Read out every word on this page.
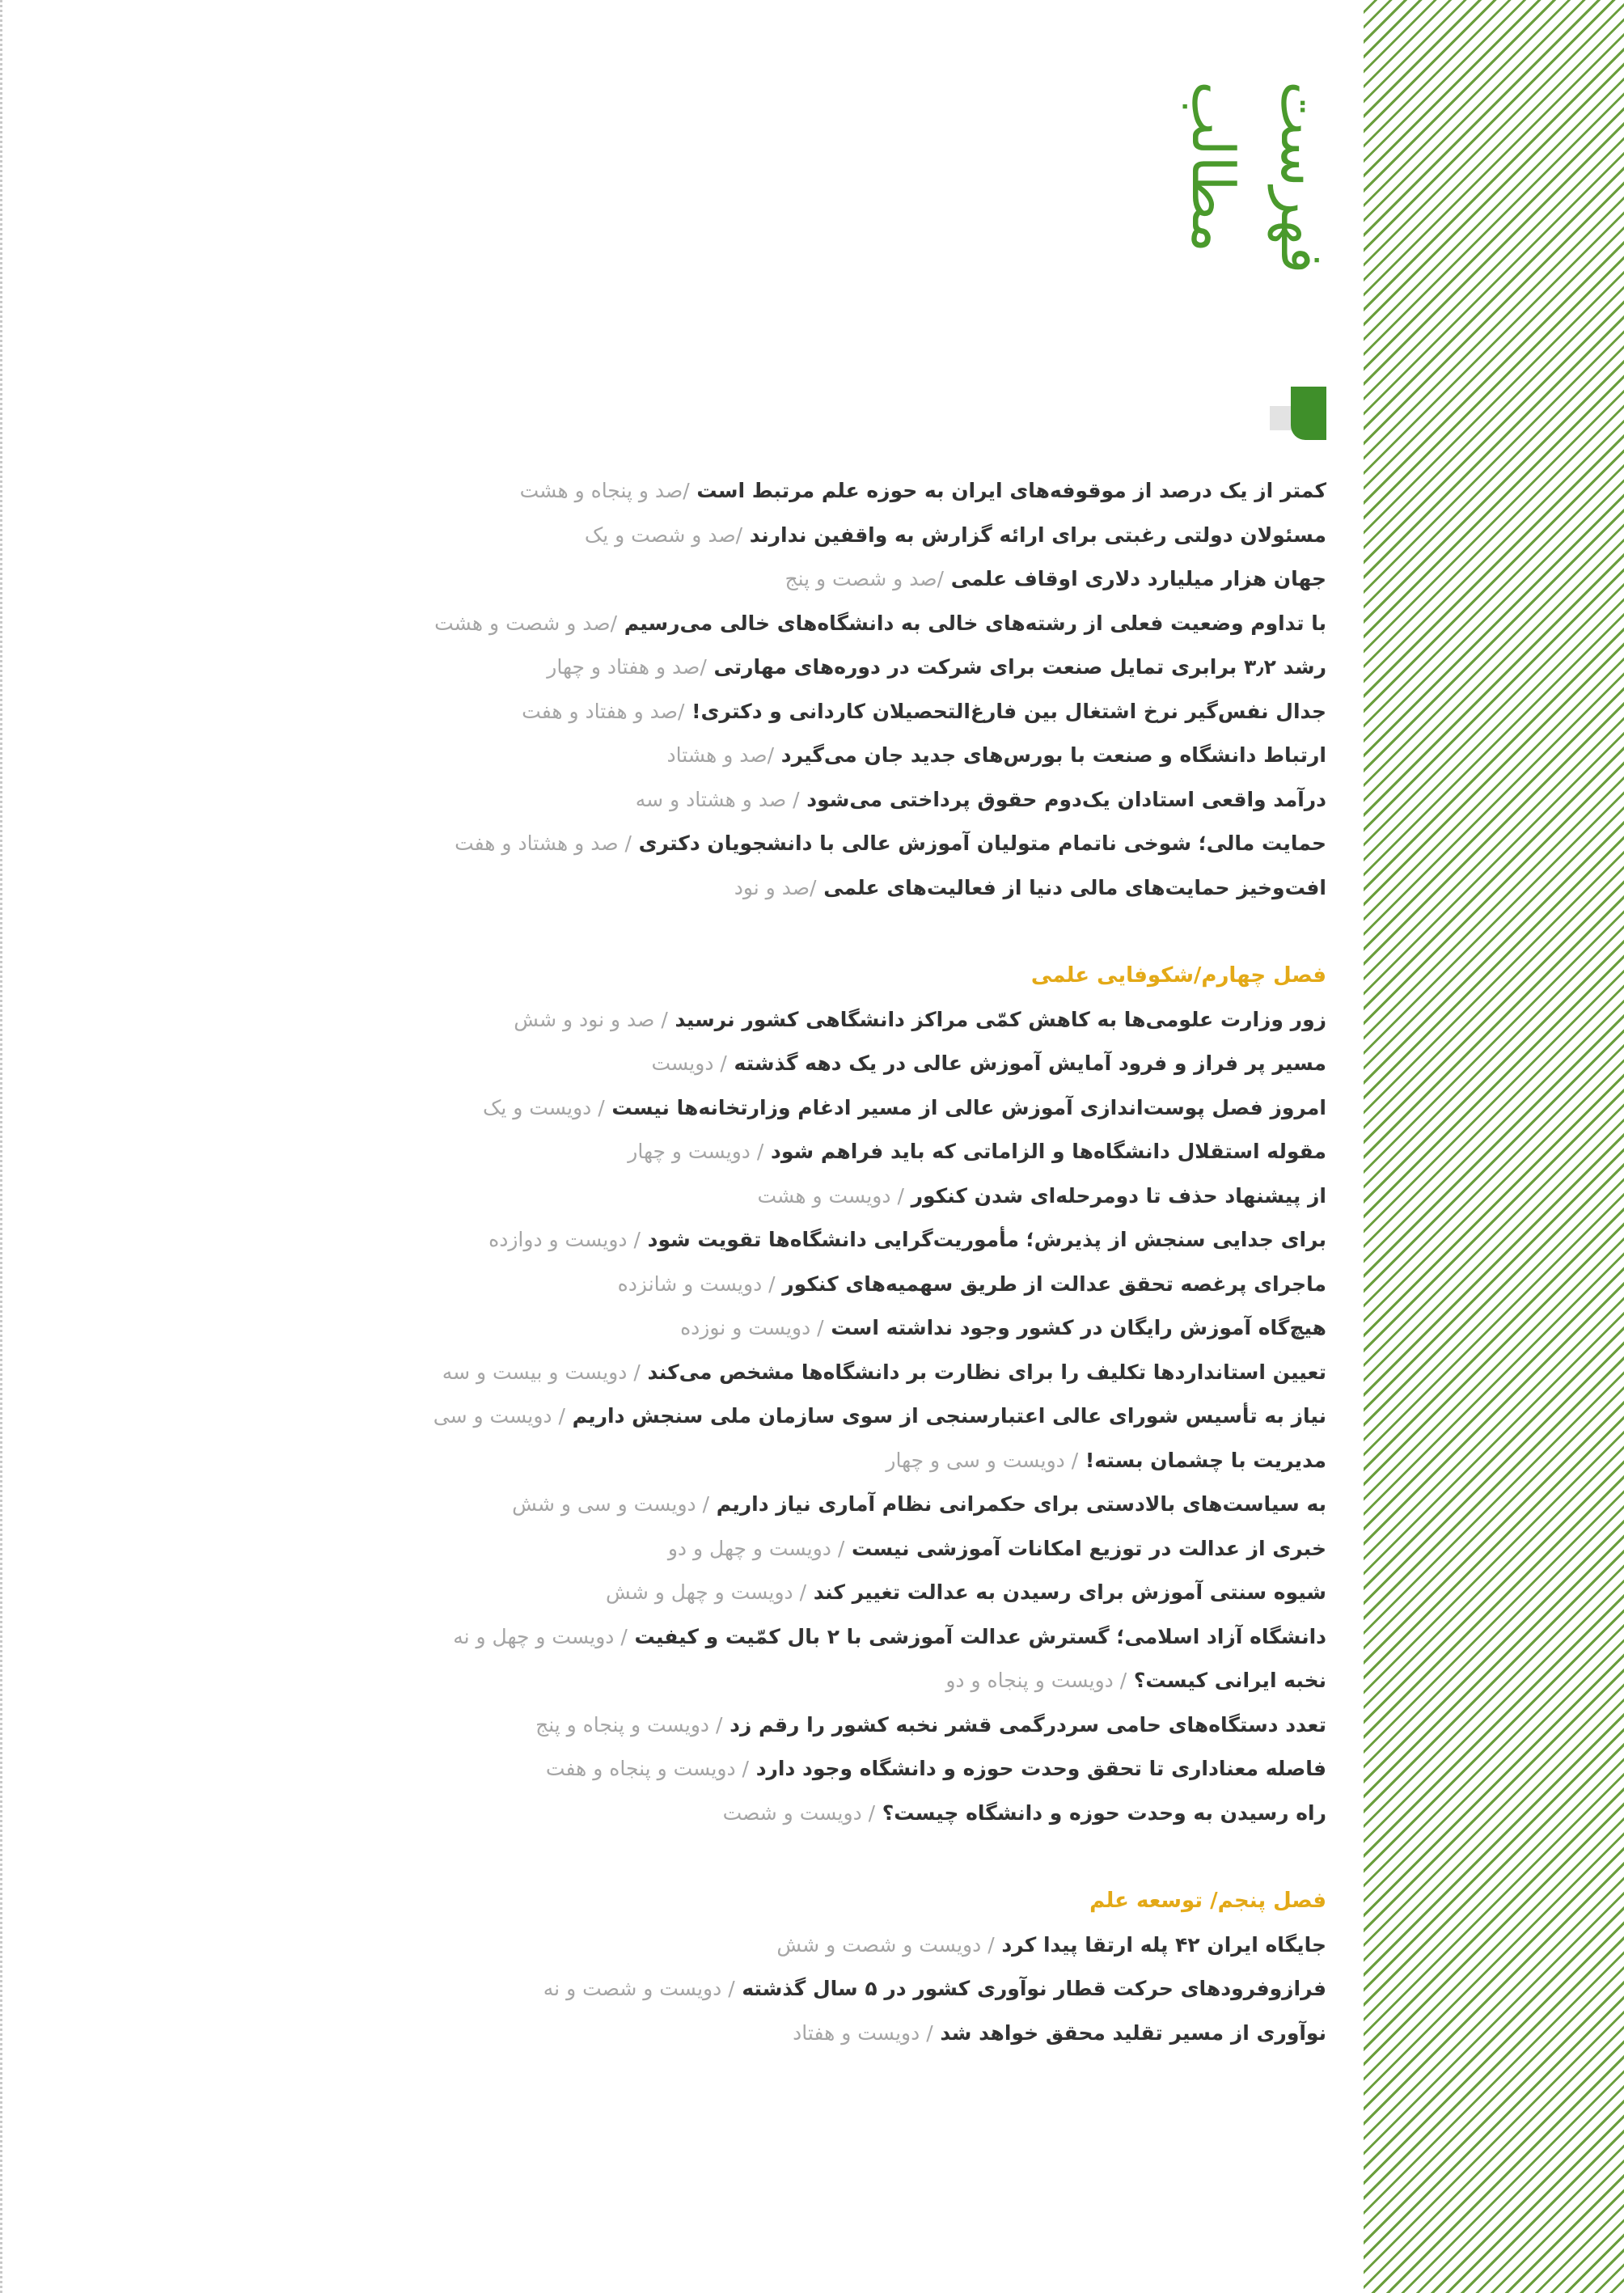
فهرست مطالب
کمتر از یک درصد از موقوفه‌های ایران به حوزه علم مرتبط است /صد و پنجاه و هشت
مسئولان دولتی رغبتی برای ارائه گزارش به واقفین ندارند /صد و شصت و یک
جهان هزار میلیارد دلاری اوقاف علمی /صد و شصت و پنج
با تداوم وضعیت فعلی از رشته‌های خالی به دانشگاه‌های خالی می‌رسیم /صد و شصت و هشت
رشد ۳٫۲ برابری تمایل صنعت برای شرکت در دوره‌های مهارتی /صد و هفتاد و چهار
جدال نفس‌گیر نرخ اشتغال بین فارغ‌التحصیلان کاردانی و دکتری! /صد و هفتاد و هفت
ارتباط دانشگاه و صنعت با بورس‌های جدید جان می‌گیرد /صد و هشتاد
درآمد واقعی استادان یک‌دوم حقوق پرداختی می‌شود / صد و هشتاد و سه
حمایت مالی؛ شوخی ناتمام متولیان آموزش عالی با دانشجویان دکتری / صد و هشتاد و هفت
افت‌وخیز حمایت‌های مالی دنیا از فعالیت‌های علمی /صد و نود
فصل چهارم/شکوفایی علمی
زور وزارت علومی‌ها به کاهش کمّی مراکز دانشگاهی کشور نرسید / صد و نود و شش
مسیر پر فراز و فرود آمایش آموزش عالی در یک دهه گذشته / دویست
امروز فصل پوست‌اندازی آموزش عالی از مسیر ادغام وزارتخانه‌ها نیست / دویست و یک
مقوله استقلال دانشگاه‌ها و الزاماتی که باید فراهم شود / دویست و چهار
از پیشنهاد حذف تا دومرحله‌ای شدن کنکور / دویست و هشت
برای جدایی سنجش از پذیرش؛ مأموریت‌گرایی دانشگاه‌ها تقویت شود / دویست و دوازده
ماجرای پرغصه تحقق عدالت از طریق سهمیه‌های کنکور / دویست و شانزده
هیچ‌گاه آموزش رایگان در کشور وجود نداشته است / دویست و نوزده
تعیین استانداردها تکلیف را برای نظارت بر دانشگاه‌ها مشخص می‌کند / دویست و بیست و سه
نیاز به تأسیس شورای عالی اعتبارسنجی از سوی سازمان ملی سنجش داریم / دویست و سی
مدیریت با چشمان بسته! / دویست و سی و چهار
به سیاست‌های بالادستی برای حکمرانی نظام آماری نیاز داریم / دویست و سی و شش
خبری از عدالت در توزیع امکانات آموزشی نیست / دویست و چهل و دو
شیوه سنتی آموزش برای رسیدن به عدالت تغییر کند / دویست و چهل و شش
دانشگاه آزاد اسلامی؛ گسترش عدالت آموزشی با ۲ بال کمّیت و کیفیت / دویست و چهل و نه
نخبه ایرانی کیست؟ / دویست و پنجاه و دو
تعدد دستگاه‌های حامی سردرگمی قشر نخبه کشور را رقم زد / دویست و پنجاه و پنج
فاصله معناداری تا تحقق وحدت حوزه و دانشگاه وجود دارد / دویست و پنجاه و هفت
راه رسیدن به وحدت حوزه و دانشگاه چیست؟ / دویست و شصت
فصل پنجم/ توسعه علم
جایگاه ایران ۴۲ پله ارتقا پیدا کرد / دویست و شصت و شش
فرازوفرودهای حرکت قطار نوآوری کشور در ۵ سال گذشته / دویست و شصت و نه
نوآوری از مسیر تقلید محقق خواهد شد / دویست و هفتاد
